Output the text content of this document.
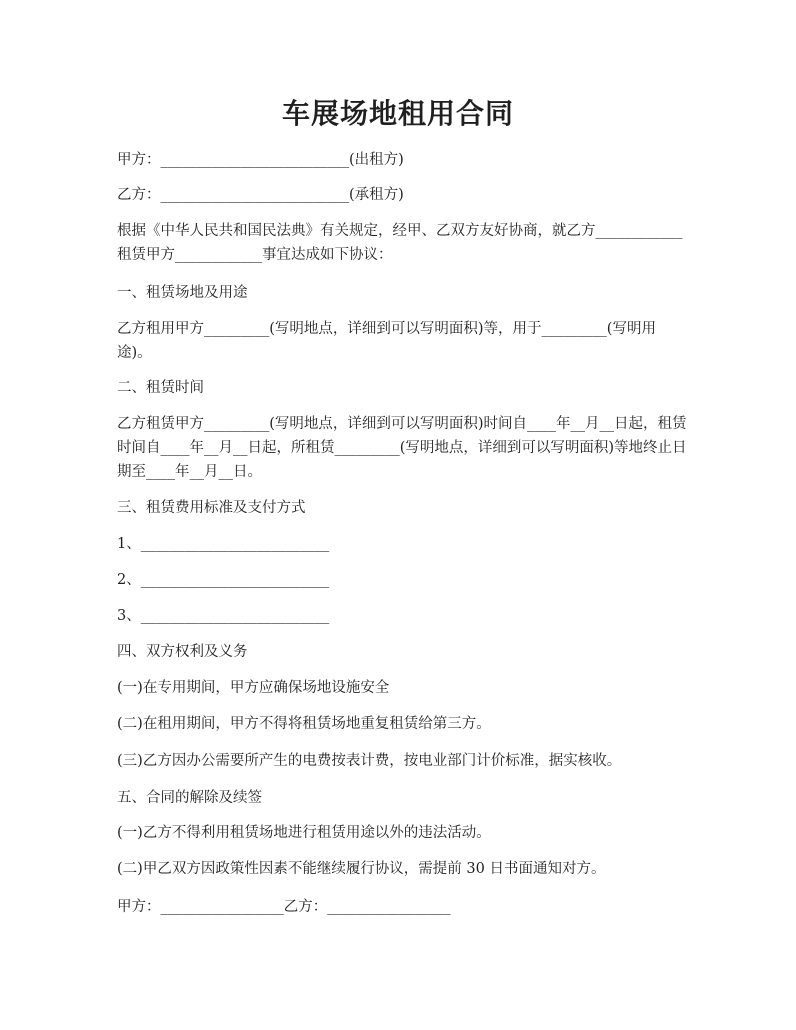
车展场地租用合同

甲方：__________________________(出租方)

乙方：__________________________(承租方)

根据《中华人民共和国民法典》有关规定，经甲、乙双方友好协商，就乙方____________租赁甲方____________事宜达成如下协议：

一、租赁场地及用途

乙方租用甲方_________(写明地点，详细到可以写明面积)等，用于_________(写明用途)。

二、租赁时间

乙方租赁甲方_________(写明地点，详细到可以写明面积)时间自____年__月__日起，租赁时间自____年__月__日起，所租赁_________(写明地点，详细到可以写明面积)等地终止日期至____年__月__日。

三、租赁费用标准及支付方式

1、__________________________

2、__________________________

3、__________________________

四、双方权利及义务

(一)在专用期间，甲方应确保场地设施安全

(二)在租用期间，甲方不得将租赁场地重复租赁给第三方。

(三)乙方因办公需要所产生的电费按表计费，按电业部门计价标准，据实核收。

五、合同的解除及续签

(一)乙方不得利用租赁场地进行租赁用途以外的违法活动。

(二)甲乙双方因政策性因素不能继续履行协议，需提前 30 日书面通知对方。

甲方：_________________乙方：_________________
